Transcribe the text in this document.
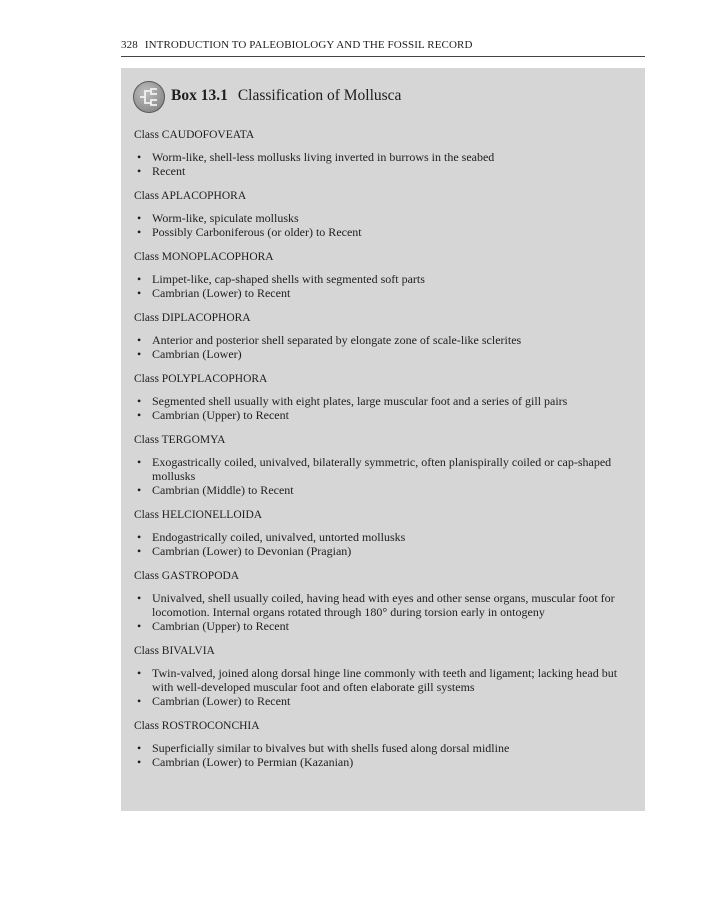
328 INTRODUCTION TO PALEOBIOLOGY AND THE FOSSIL RECORD
Box 13.1 Classification of Mollusca
Class CAUDOFOVEATA
• Worm-like, shell-less mollusks living inverted in burrows in the seabed
• Recent
Class APLACOPHORA
• Worm-like, spiculate mollusks
• Possibly Carboniferous (or older) to Recent
Class MONOPLACOPHORA
• Limpet-like, cap-shaped shells with segmented soft parts
• Cambrian (Lower) to Recent
Class DIPLACOPHORA
• Anterior and posterior shell separated by elongate zone of scale-like sclerites
• Cambrian (Lower)
Class POLYPLACOPHORA
• Segmented shell usually with eight plates, large muscular foot and a series of gill pairs
• Cambrian (Upper) to Recent
Class TERGOMYA
• Exogastrically coiled, univalved, bilaterally symmetric, often planispirally coiled or cap-shaped mollusks
• Cambrian (Middle) to Recent
Class HELCIONELLOIDA
• Endogastrically coiled, univalved, untorted mollusks
• Cambrian (Lower) to Devonian (Pragian)
Class GASTROPODA
• Univalved, shell usually coiled, having head with eyes and other sense organs, muscular foot for locomotion. Internal organs rotated through 180° during torsion early in ontogeny
• Cambrian (Upper) to Recent
Class BIVALVIA
• Twin-valved, joined along dorsal hinge line commonly with teeth and ligament; lacking head but with well-developed muscular foot and often elaborate gill systems
• Cambrian (Lower) to Recent
Class ROSTROCONCHIA
• Superficially similar to bivalves but with shells fused along dorsal midline
• Cambrian (Lower) to Permian (Kazanian)
